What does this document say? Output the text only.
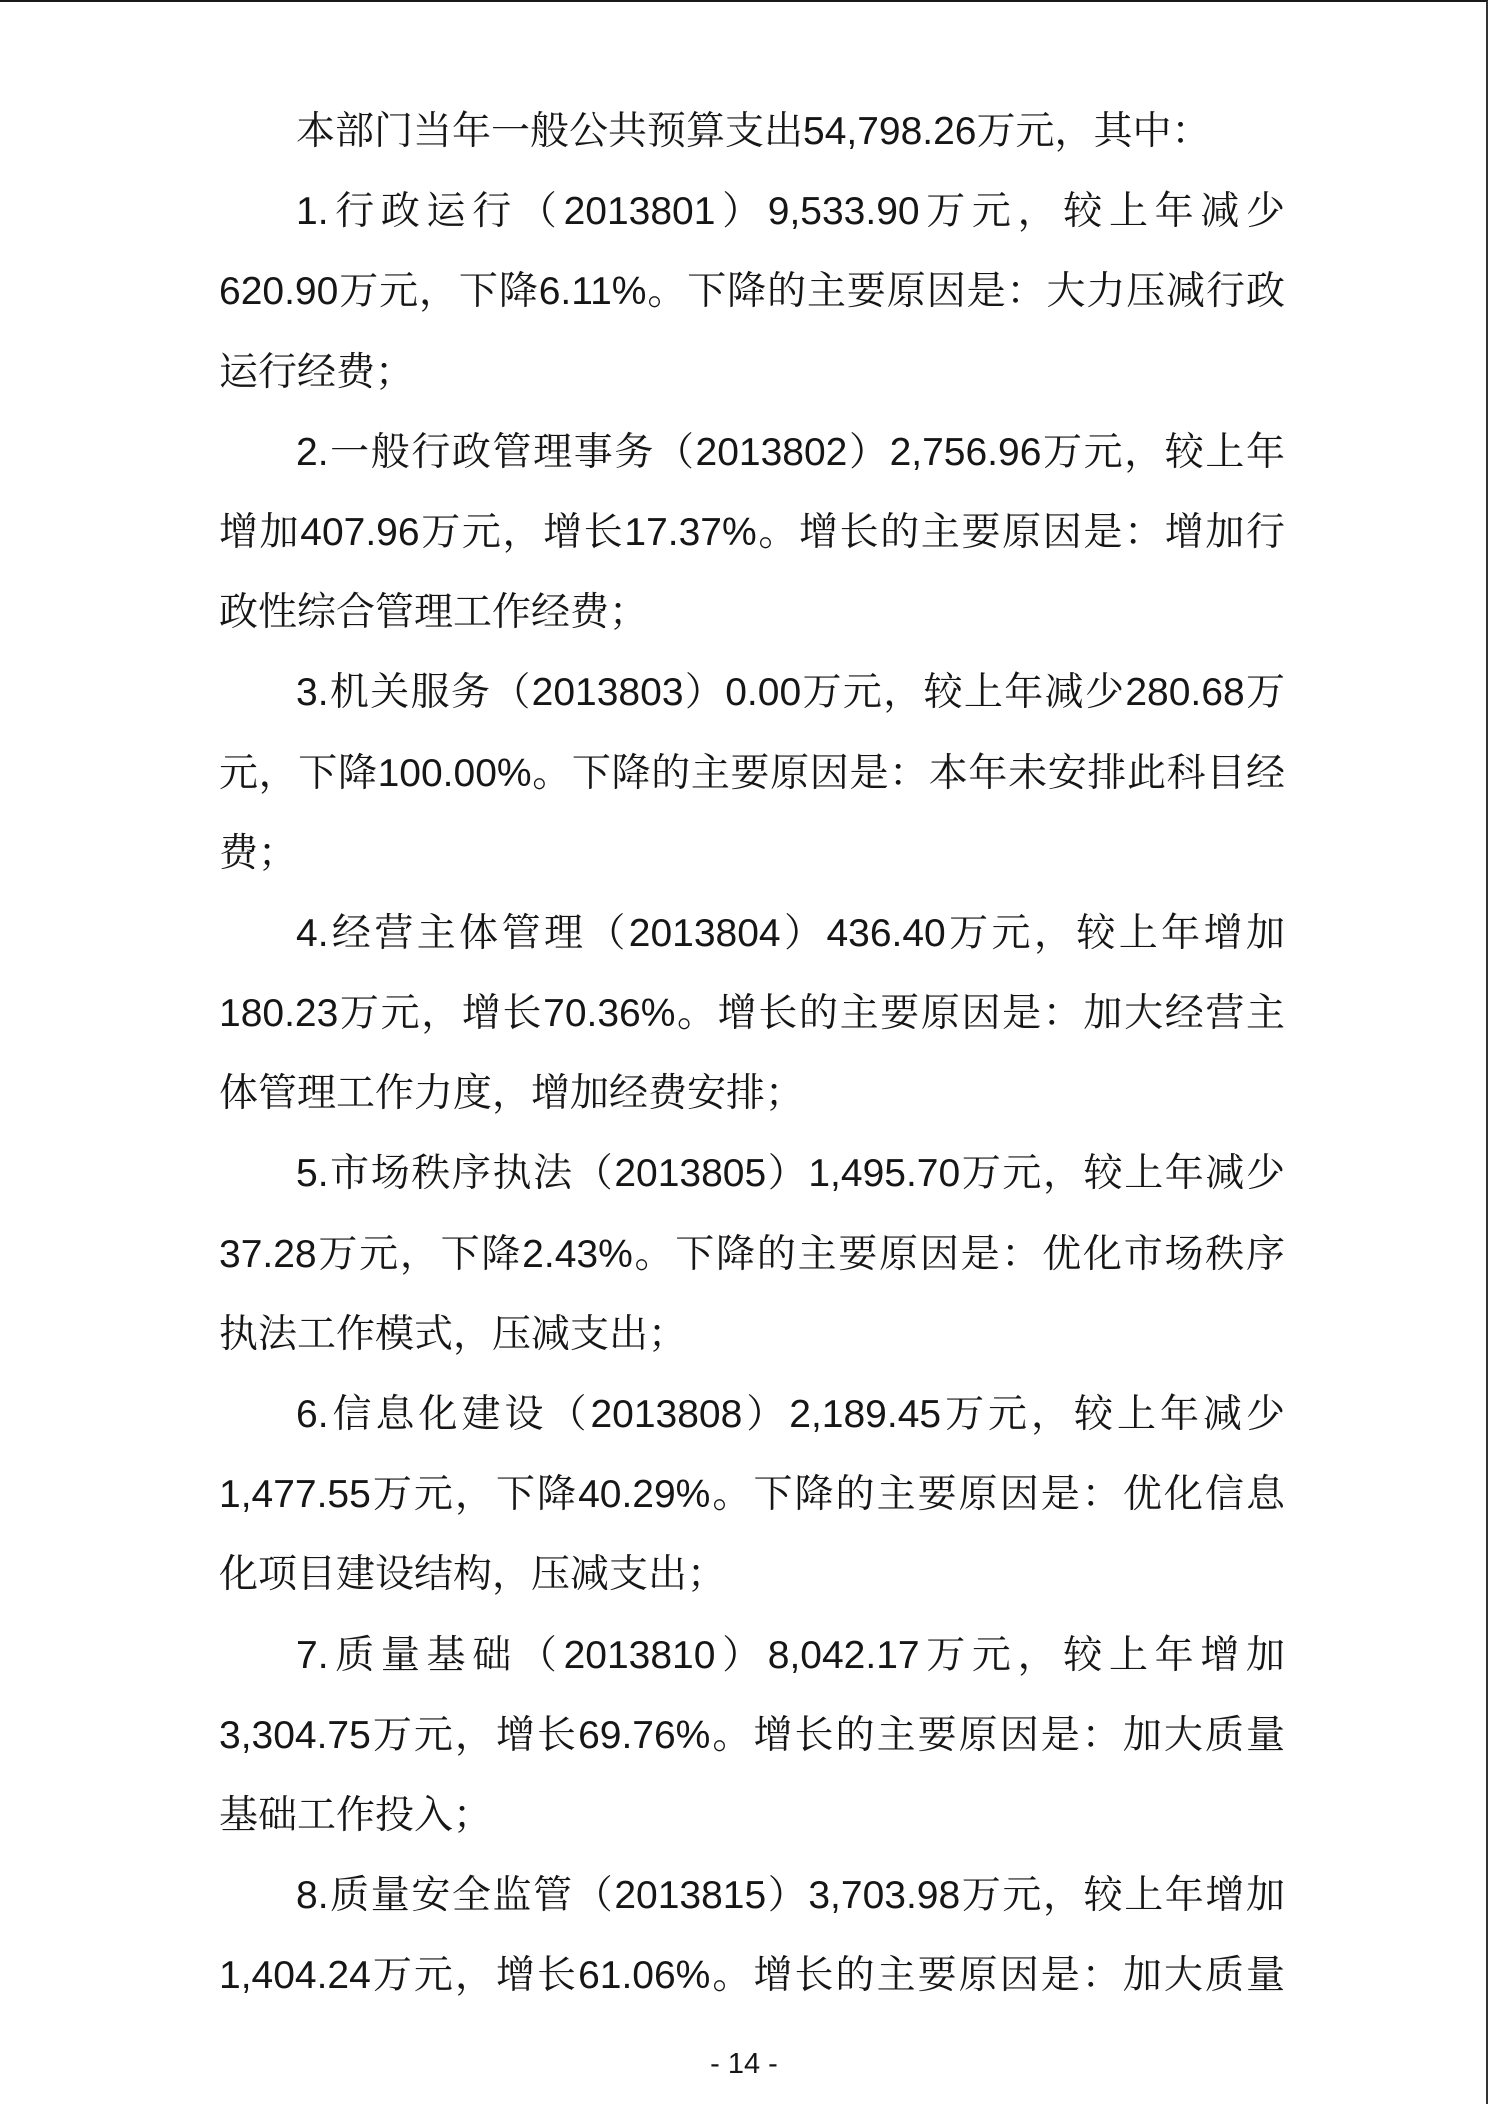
本部门当年一般公共预算支出54,798.26万元，其中：
1.行政运行（2013801）9,533.90万元，较上年减少
620.90万元，下降6.11%。下降的主要原因是：大力压减行政
运行经费；
2.一般行政管理事务（2013802）2,756.96万元，较上年
增加407.96万元，增长17.37%。增长的主要原因是：增加行
政性综合管理工作经费；
3.机关服务（2013803）0.00万元，较上年减少280.68万
元，下降100.00%。下降的主要原因是：本年未安排此科目经
费；
4.经营主体管理（2013804）436.40万元，较上年增加
180.23万元，增长70.36%。增长的主要原因是：加大经营主
体管理工作力度，增加经费安排；
5.市场秩序执法（2013805）1,495.70万元，较上年减少
37.28万元，下降2.43%。下降的主要原因是：优化市场秩序
执法工作模式，压减支出；
6.信息化建设（2013808）2,189.45万元，较上年减少
1,477.55万元，下降40.29%。下降的主要原因是：优化信息
化项目建设结构，压减支出；
7.质量基础（2013810）8,042.17万元，较上年增加
3,304.75万元，增长69.76%。增长的主要原因是：加大质量
基础工作投入；
8.质量安全监管（2013815）3,703.98万元，较上年增加
1,404.24万元，增长61.06%。增长的主要原因是：加大质量
- 14 -
